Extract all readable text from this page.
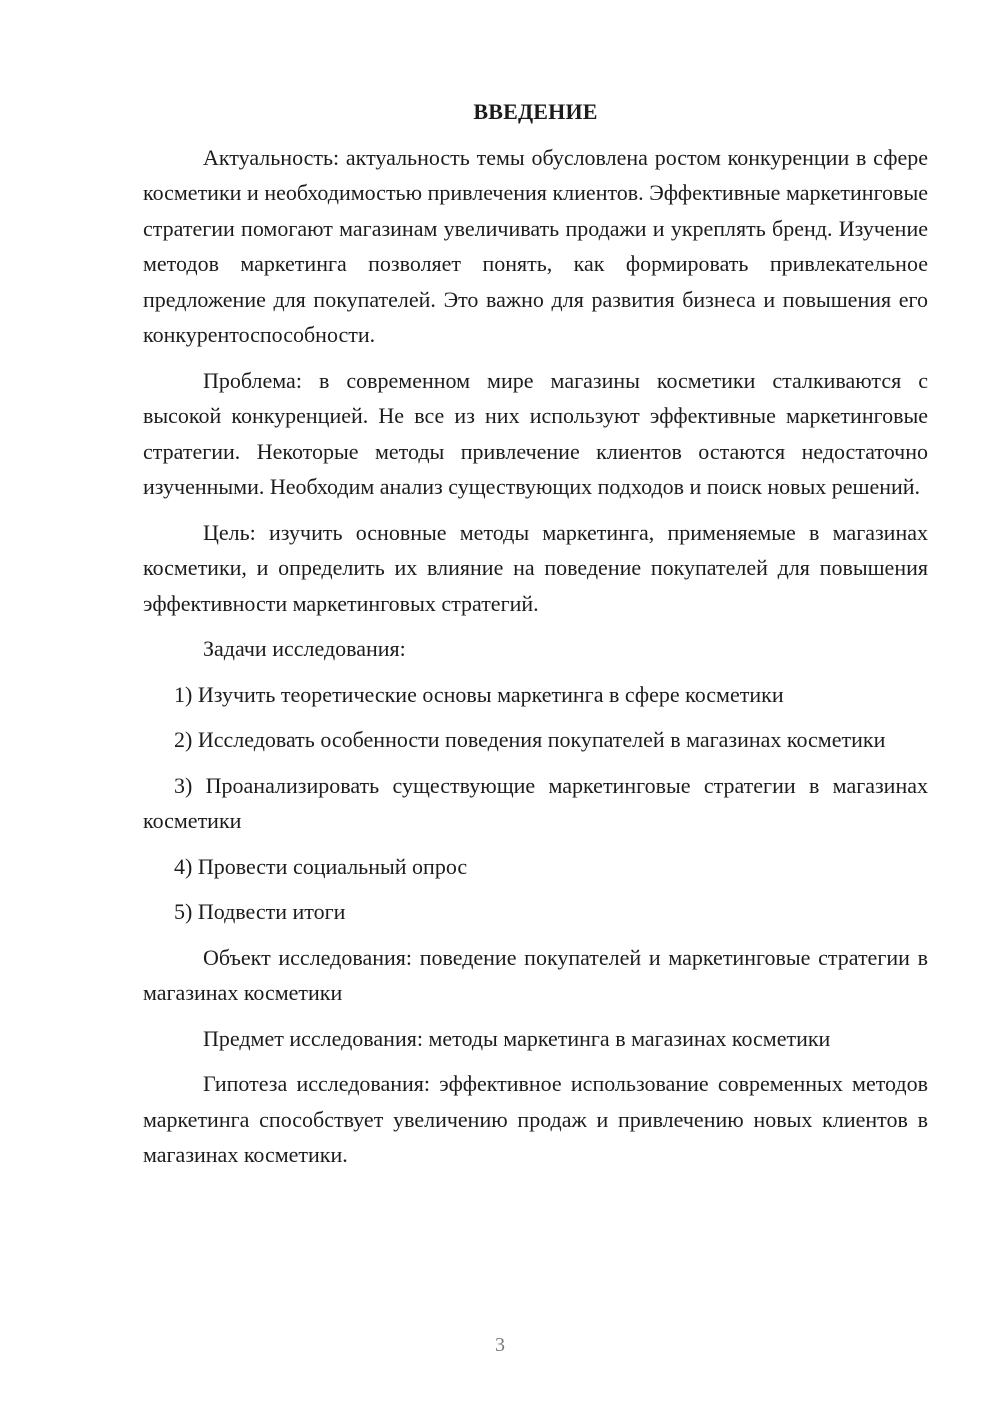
ВВЕДЕНИЕ

Актуальность: актуальность темы обусловлена ростом конкуренции в сфере косметики и необходимостью привлечения клиентов. Эффективные маркетинговые стратегии помогают магазинам увеличивать продажи и укреплять бренд. Изучение методов маркетинга позволяет понять, как формировать привлекательное предложение для покупателей. Это важно для развития бизнеса и повышения его конкурентоспособности.

Проблема: в современном мире магазины косметики сталкиваются с высокой конкуренцией. Не все из них используют эффективные маркетинговые стратегии. Некоторые методы привлечение клиентов остаются недостаточно изученными. Необходим анализ существующих подходов и поиск новых решений.

Цель: изучить основные методы маркетинга, применяемые в магазинах косметики, и определить их влияние на поведение покупателей для повышения эффективности маркетинговых стратегий.

Задачи исследования:

1) Изучить теоретические основы маркетинга в сфере косметики

2) Исследовать особенности поведения покупателей в магазинах косметики

3) Проанализировать существующие маркетинговые стратегии в магазинах косметики

4) Провести социальный опрос

5) Подвести итоги

Объект исследования: поведение покупателей и маркетинговые стратегии в магазинах косметики

Предмет исследования: методы маркетинга в магазинах косметики

Гипотеза исследования: эффективное использование современных методов маркетинга способствует увеличению продаж и привлечению новых клиентов в магазинах косметики.

3
